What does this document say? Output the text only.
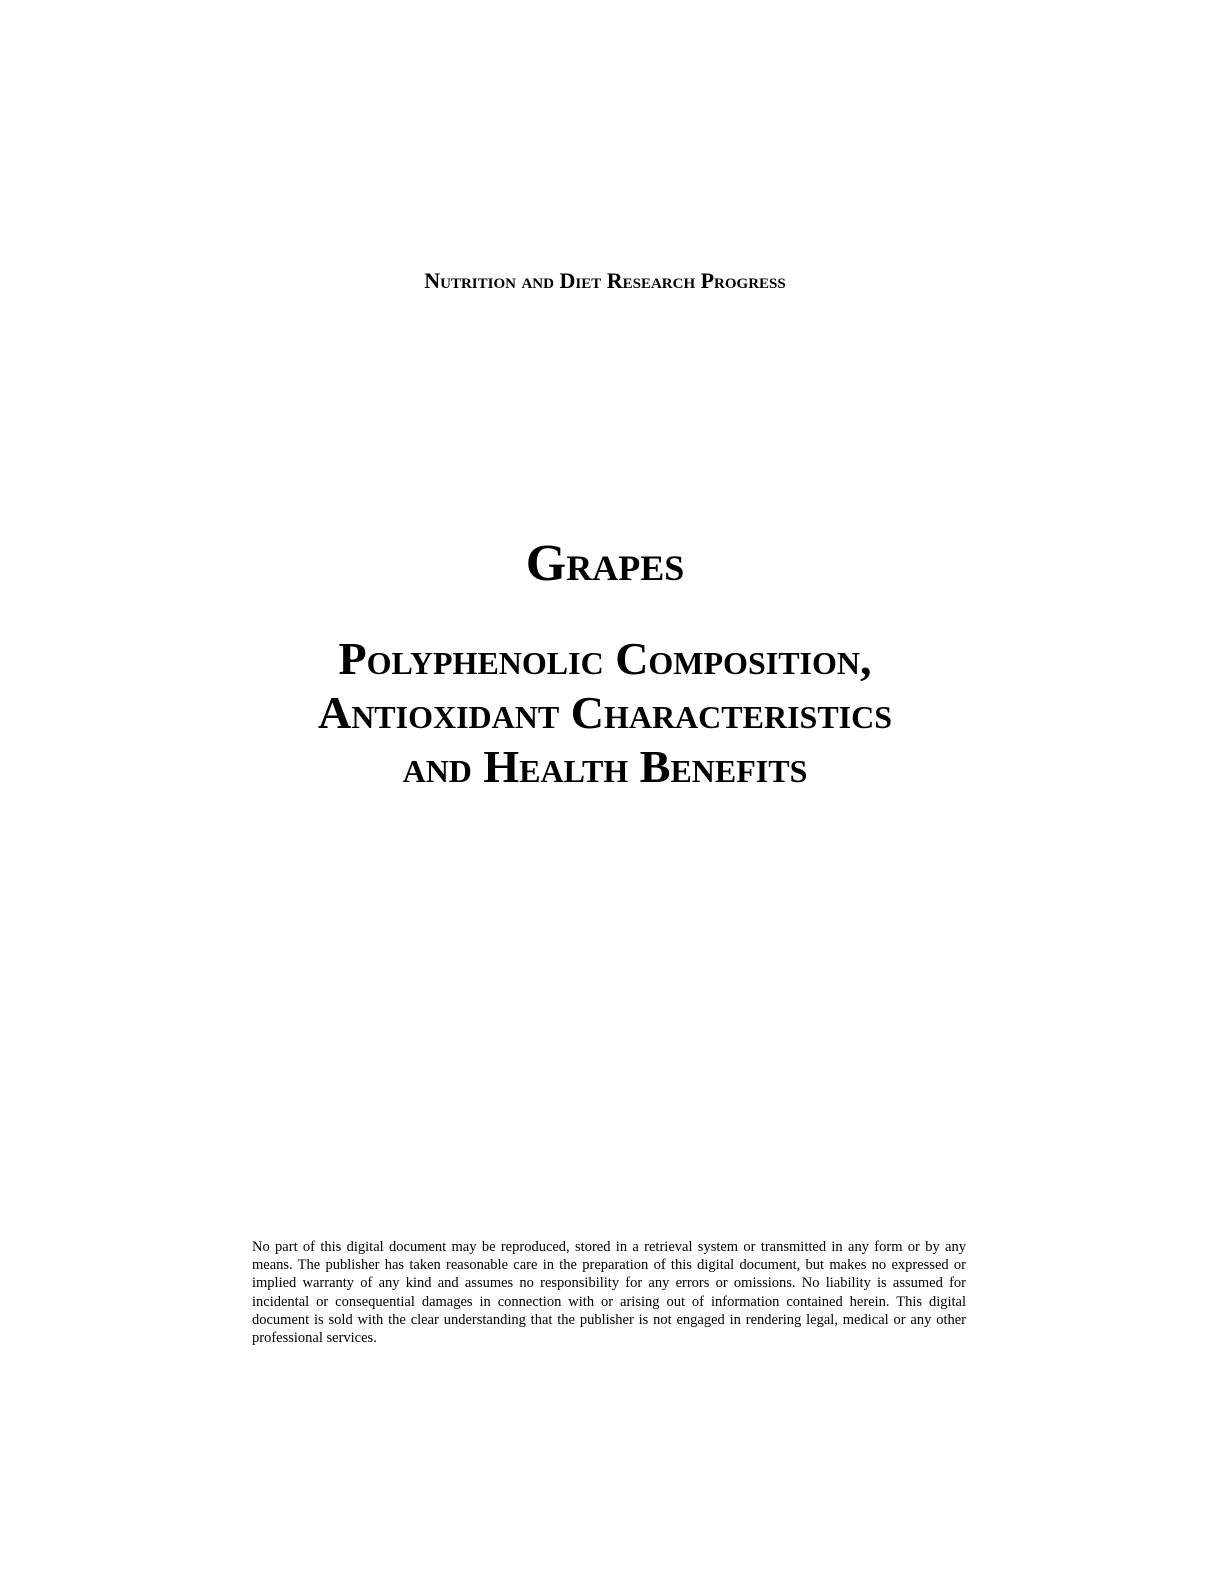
Nutrition and Diet Research Progress
Grapes
Polyphenolic Composition,
Antioxidant Characteristics
and Health Benefits

No part of this digital document may be reproduced, stored in a retrieval system or transmitted in any form or by any means. The publisher has taken reasonable care in the preparation of this digital document, but makes no expressed or implied warranty of any kind and assumes no responsibility for any errors or omissions. No liability is assumed for incidental or consequential damages in connection with or arising out of information contained herein. This digital document is sold with the clear understanding that the publisher is not engaged in rendering legal, medical or any other professional services.
